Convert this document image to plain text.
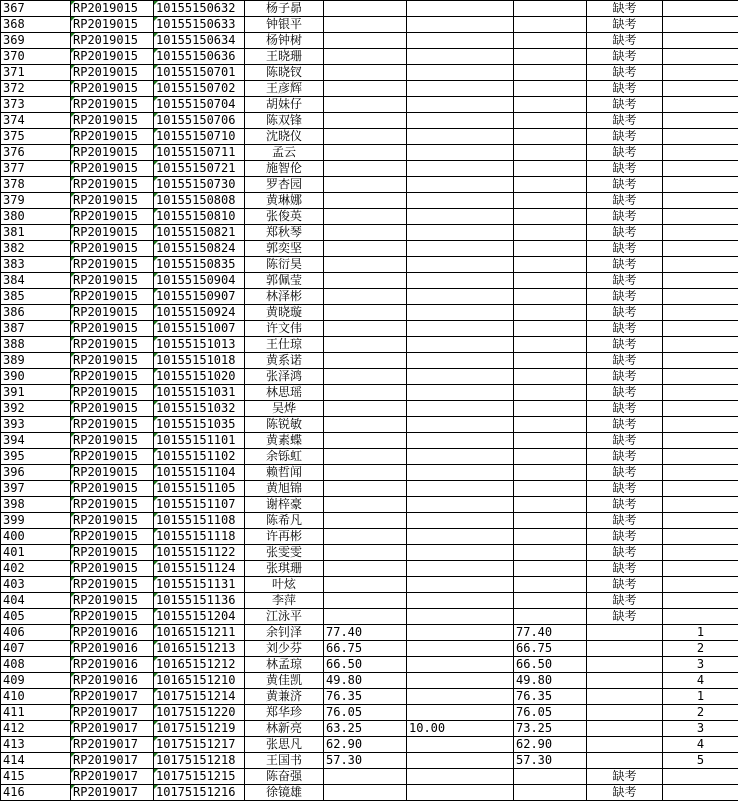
367	RP2019015	10155150632	杨子昴				缺考	
368	RP2019015	10155150633	钟银平				缺考	
369	RP2019015	10155150634	杨钟树				缺考	
370	RP2019015	10155150636	王晓珊				缺考	
371	RP2019015	10155150701	陈晓钗				缺考	
372	RP2019015	10155150702	王彦辉				缺考	
373	RP2019015	10155150704	胡妹仔				缺考	
374	RP2019015	10155150706	陈双锋				缺考	
375	RP2019015	10155150710	沈晓仪				缺考	
376	RP2019015	10155150711	孟云				缺考	
377	RP2019015	10155150721	施智伦				缺考	
378	RP2019015	10155150730	罗杏园				缺考	
379	RP2019015	10155150808	黄琳娜				缺考	
380	RP2019015	10155150810	张俊英				缺考	
381	RP2019015	10155150821	郑秋琴				缺考	
382	RP2019015	10155150824	郭奕坚				缺考	
383	RP2019015	10155150835	陈衍昊				缺考	
384	RP2019015	10155150904	郭佩莹				缺考	
385	RP2019015	10155150907	林泽彬				缺考	
386	RP2019015	10155150924	黄晓璇				缺考	
387	RP2019015	10155151007	许文伟				缺考	
388	RP2019015	10155151013	王仕琼				缺考	
389	RP2019015	10155151018	黄系诺				缺考	
390	RP2019015	10155151020	张泽鸿				缺考	
391	RP2019015	10155151031	林思瑶				缺考	
392	RP2019015	10155151032	吴烨				缺考	
393	RP2019015	10155151035	陈锐敏				缺考	
394	RP2019015	10155151101	黄素蝶				缺考	
395	RP2019015	10155151102	余铄虹				缺考	
396	RP2019015	10155151104	赖哲闻				缺考	
397	RP2019015	10155151105	黄旭锦				缺考	
398	RP2019015	10155151107	谢梓豪				缺考	
399	RP2019015	10155151108	陈希凡				缺考	
400	RP2019015	10155151118	许再彬				缺考	
401	RP2019015	10155151122	张雯雯				缺考	
402	RP2019015	10155151124	张琪珊				缺考	
403	RP2019015	10155151131	叶炫				缺考	
404	RP2019015	10155151136	李萍				缺考	
405	RP2019015	10155151204	江泳平				缺考	
406	RP2019016	10165151211	余钊泽	77.40		77.40		1
407	RP2019016	10165151213	刘少芬	66.75		66.75		2
408	RP2019016	10165151212	林孟琼	66.50		66.50		3
409	RP2019016	10165151210	黄佳凯	49.80		49.80		4
410	RP2019017	10175151214	黄兼济	76.35		76.35		1
411	RP2019017	10175151220	郑华珍	76.05		76.05		2
412	RP2019017	10175151219	林新亮	63.25	10.00	73.25		3
413	RP2019017	10175151217	张思凡	62.90		62.90		4
414	RP2019017	10175151218	王国书	57.30		57.30		5
415	RP2019017	10175151215	陈奋强				缺考	
416	RP2019017	10175151216	徐镜雄				缺考	
